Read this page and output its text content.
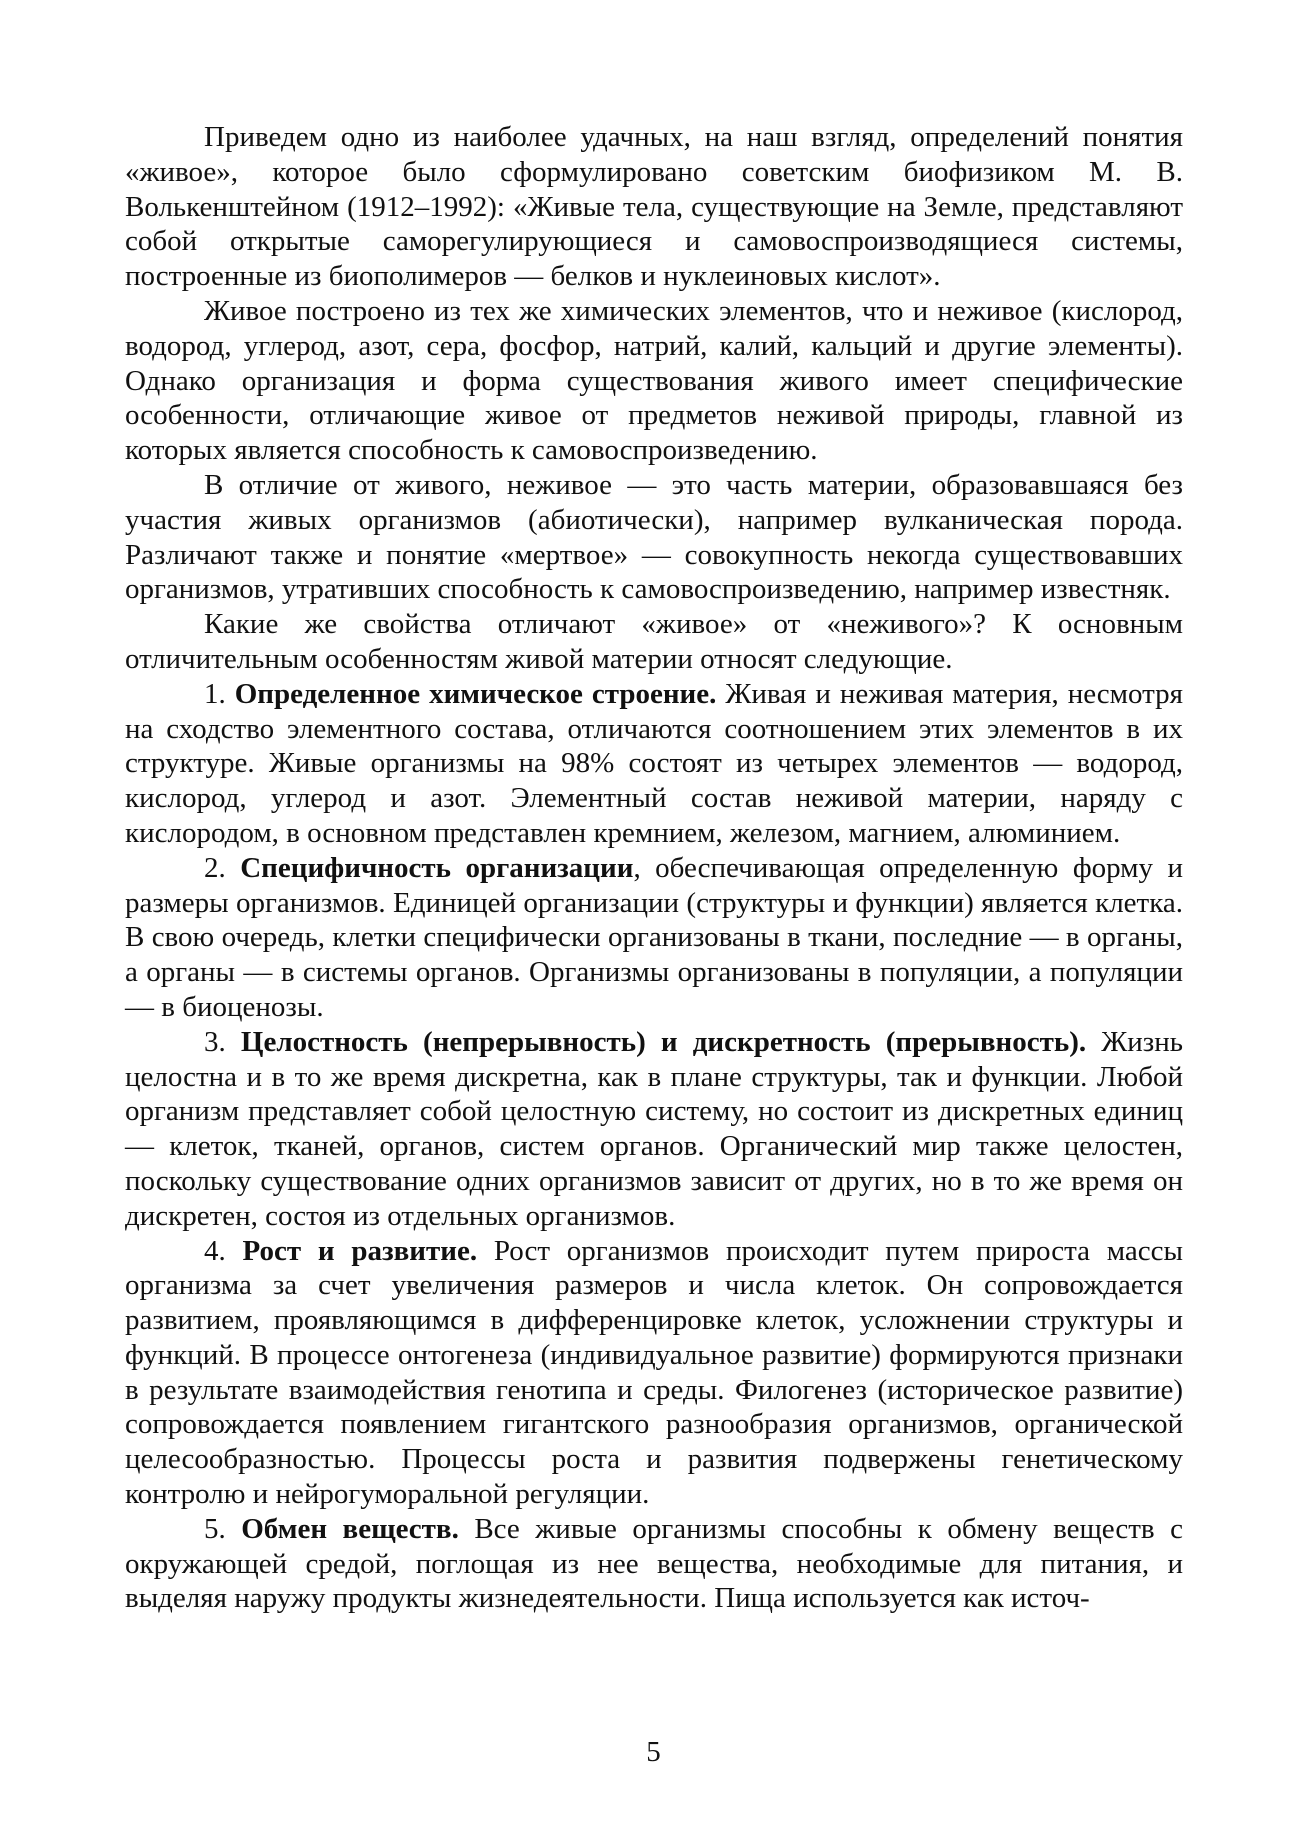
Приведем одно из наиболее удачных, на наш взгляд, определений понятия «живое», которое было сформулировано советским биофизиком М. В. Волькенштейном (1912–1992): «Живые тела, существующие на Земле, представляют собой открытые саморегулирующиеся и самовоспроизводящиеся системы, построенные из биополимеров — белков и нуклеиновых кислот».

Живое построено из тех же химических элементов, что и неживое (кислород, водород, углерод, азот, сера, фосфор, натрий, калий, кальций и другие элементы). Однако организация и форма существования живого имеет специфические особенности, отличающие живое от предметов неживой природы, главной из которых является способность к самовоспроизведению.

В отличие от живого, неживое — это часть материи, образовавшаяся без участия живых организмов (абиотически), например вулканическая порода. Различают также и понятие «мертвое» — совокупность некогда существовавших организмов, утративших способность к самовоспроизведению, например известняк.

Какие же свойства отличают «живое» от «неживого»? К основным отличительным особенностям живой материи относят следующие.

1. Определенное химическое строение. Живая и неживая материя, несмотря на сходство элементного состава, отличаются соотношением этих элементов в их структуре. Живые организмы на 98% состоят из четырех элементов — водород, кислород, углерод и азот. Элементный состав неживой материи, наряду с кислородом, в основном представлен кремнием, железом, магнием, алюминием.

2. Специфичность организации, обеспечивающая определенную форму и размеры организмов. Единицей организации (структуры и функции) является клетка. В свою очередь, клетки специфически организованы в ткани, последние — в органы, а органы — в системы органов. Организмы организованы в популяции, а популяции — в биоценозы.

3. Целостность (непрерывность) и дискретность (прерывность). Жизнь целостна и в то же время дискретна, как в плане структуры, так и функции. Любой организм представляет собой целостную систему, но состоит из дискретных единиц — клеток, тканей, органов, систем органов. Органический мир также целостен, поскольку существование одних организмов зависит от других, но в то же время он дискретен, состоя из отдельных организмов.

4. Рост и развитие. Рост организмов происходит путем прироста массы организма за счет увеличения размеров и числа клеток. Он сопровождается развитием, проявляющимся в дифференцировке клеток, усложнении структуры и функций. В процессе онтогенеза (индивидуальное развитие) формируются признаки в результате взаимодействия генотипа и среды. Филогенез (историческое развитие) сопровождается появлением гигантского разнообразия организмов, органической целесообразностью. Процессы роста и развития подвержены генетическому контролю и нейрогуморальной регуляции.

5. Обмен веществ. Все живые организмы способны к обмену веществ с окружающей средой, поглощая из нее вещества, необходимые для питания, и выделяя наружу продукты жизнедеятельности. Пища используется как источ-

5
